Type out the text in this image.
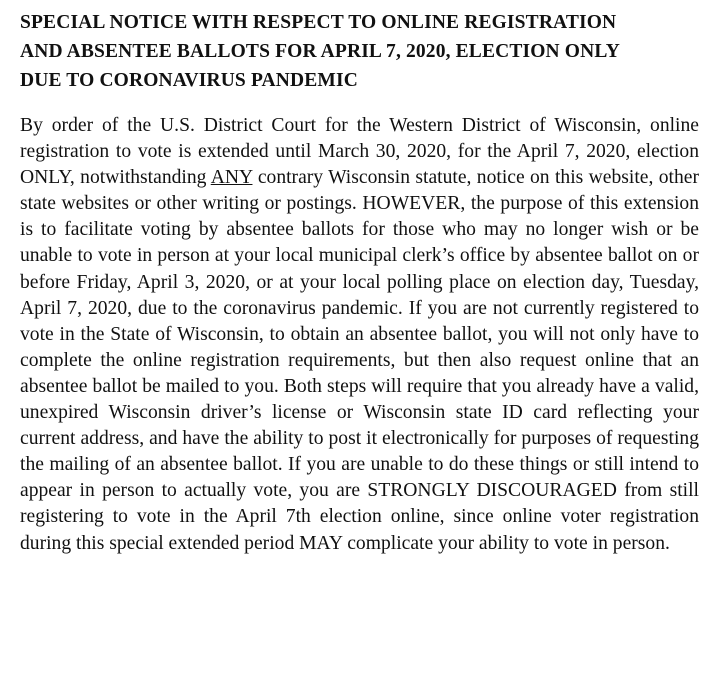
SPECIAL NOTICE WITH RESPECT TO ONLINE REGISTRATION
AND ABSENTEE BALLOTS FOR APRIL 7, 2020, ELECTION ONLY
DUE TO CORONAVIRUS PANDEMIC

By order of the U.S. District Court for the Western District of Wisconsin, online registration to vote is extended until March 30, 2020, for the April 7, 2020, election ONLY, notwithstanding ANY contrary Wisconsin statute, notice on this website, other state websites or other writing or postings. HOWEVER, the purpose of this extension is to facilitate voting by absentee ballots for those who may no longer wish or be unable to vote in person at your local municipal clerk’s office by absentee ballot on or before Friday, April 3, 2020, or at your local polling place on election day, Tuesday, April 7, 2020, due to the coronavirus pandemic. If you are not currently registered to vote in the State of Wisconsin, to obtain an absentee ballot, you will not only have to complete the online registration requirements, but then also request online that an absentee ballot be mailed to you. Both steps will require that you already have a valid, unexpired Wisconsin driver’s license or Wisconsin state ID card reflecting your current address, and have the ability to post it electronically for purposes of requesting the mailing of an absentee ballot. If you are unable to do these things or still intend to appear in person to actually vote, you are STRONGLY DISCOURAGED from still registering to vote in the April 7th election online, since online voter registration during this special extended period MAY complicate your ability to vote in person.
